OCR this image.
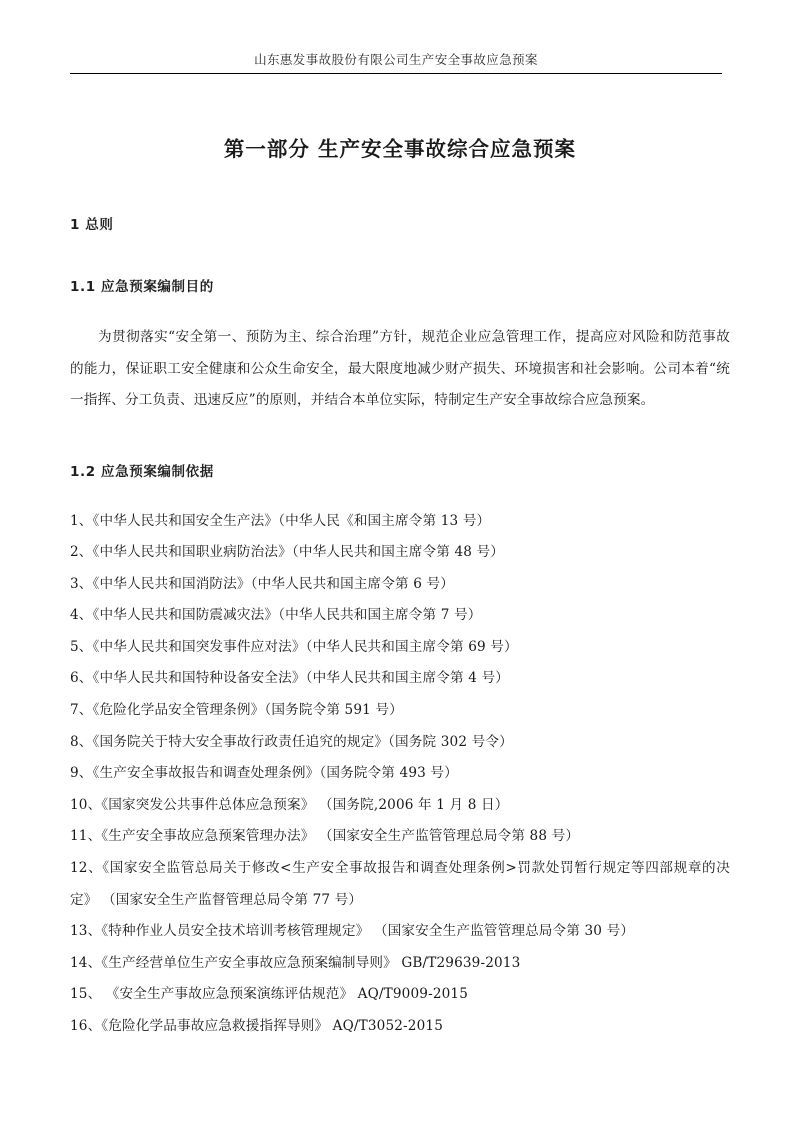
山东惠发事故股份有限公司生产安全事故应急预案
第一部分 生产安全事故综合应急预案
1 总则
1.1 应急预案编制目的

为贯彻落实“安全第一、预防为主、综合治理”方针，规范企业应急管理工作，提高应对风险和防范事故的能力，保证职工安全健康和公众生命安全，最大限度地减少财产损失、环境损害和社会影响。公司本着“统一指挥、分工负责、迅速反应”的原则，并结合本单位实际，特制定生产安全事故综合应急预案。

1.2 应急预案编制依据
1、《中华人民共和国安全生产法》（中华人民《和国主席令第 13 号）
2、《中华人民共和国职业病防治法》（中华人民共和国主席令第 48 号）
3、《中华人民共和国消防法》（中华人民共和国主席令第 6 号）
4、《中华人民共和国防震减灾法》（中华人民共和国主席令第 7 号）
5、《中华人民共和国突发事件应对法》（中华人民共和国主席令第 69 号）
6、《中华人民共和国特种设备安全法》（中华人民共和国主席令第 4 号）
7、《危险化学品安全管理条例》（国务院令第 591 号）
8、《国务院关于特大安全事故行政责任追究的规定》（国务院 302 号令）
9、《生产安全事故报告和调查处理条例》（国务院令第 493 号）
10、《国家突发公共事件总体应急预案》 （国务院,2006 年 1 月 8 日）
11、《生产安全事故应急预案管理办法》 （国家安全生产监管管理总局令第 88 号）
12、《国家安全监管总局关于修改<生产安全事故报告和调查处理条例>罚款处罚暂行规定等四部规章的决定》 （国家安全生产监督管理总局令第 77 号）
13、《特种作业人员安全技术培训考核管理规定》 （国家安全生产监管管理总局令第 30 号）
14、《生产经营单位生产安全事故应急预案编制导则》 GB/T29639-2013
15、 《安全生产事故应急预案演练评估规范》 AQ/T9009-2015
16、《危险化学品事故应急救援指挥导则》 AQ/T3052-2015
